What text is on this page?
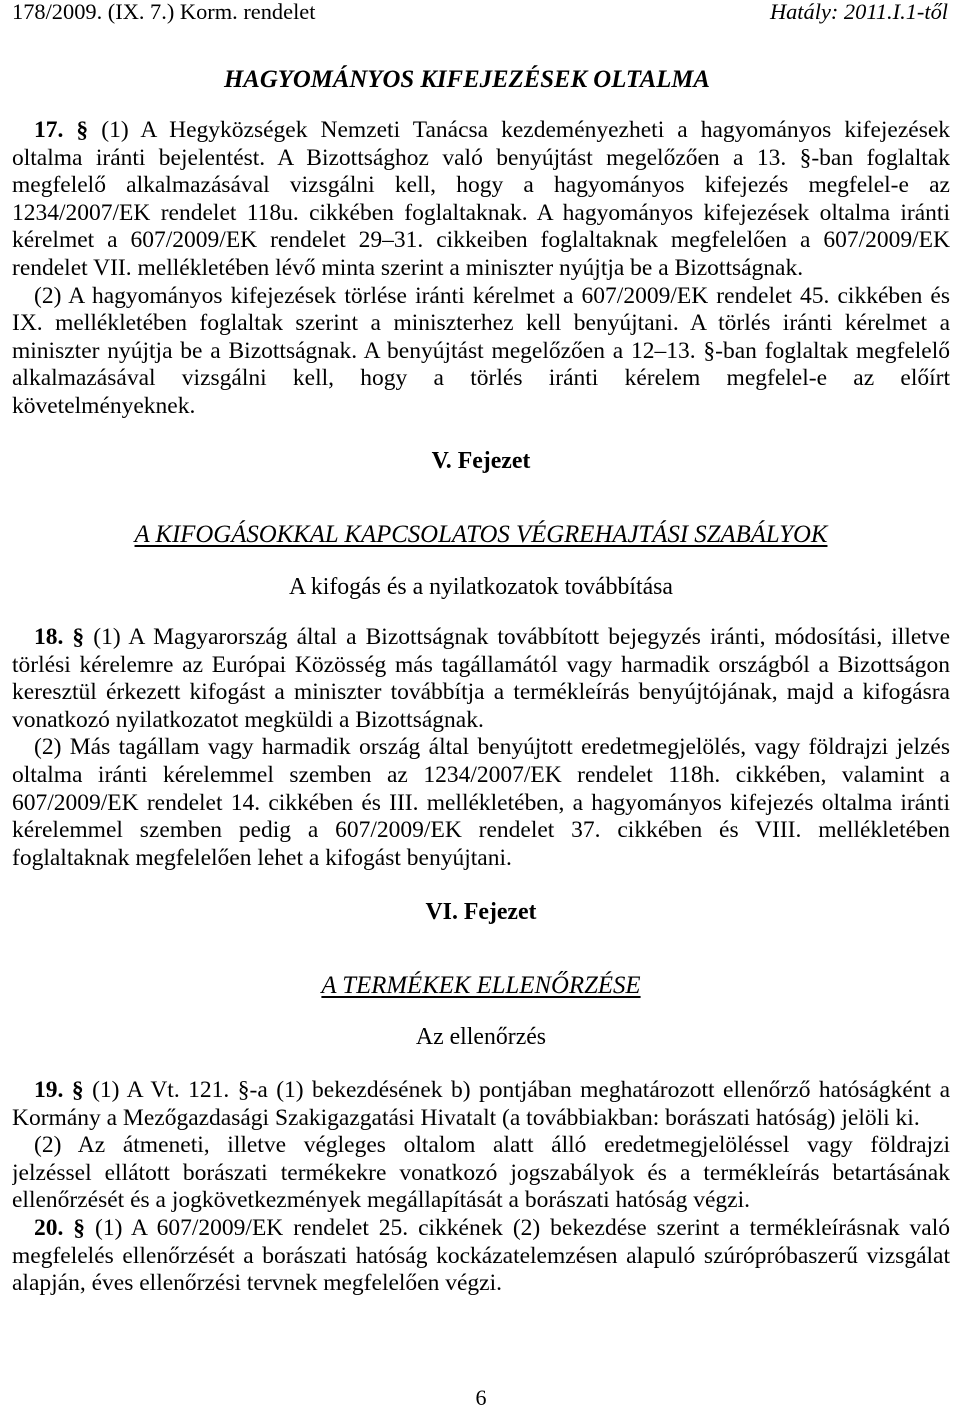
178/2009. (IX. 7.) Korm. rendelet	Hatály: 2011.I.1-től
HAGYOMÁNYOS KIFEJEZÉSEK OLTALMA
17. § (1) A Hegyközségek Nemzeti Tanácsa kezdeményezheti a hagyományos kifejezések
oltalma iránti bejelentést. A Bizottsághoz való benyújtást megelőzően a 13. §-ban foglaltak
megfelelő alkalmazásával vizsgálni kell, hogy a hagyományos kifejezés megfelel-e az
1234/2007/EK rendelet 118u. cikkében foglaltaknak. A hagyományos kifejezések oltalma iránti
kérelmet a 607/2009/EK rendelet 29–31. cikkeiben foglaltaknak megfelelően a 607/2009/EK
rendelet VII. mellékletében lévő minta szerint a miniszter nyújtja be a Bizottságnak.
(2) A hagyományos kifejezések törlése iránti kérelmet a 607/2009/EK rendelet 45. cikkében és
IX. mellékletében foglaltak szerint a miniszterhez kell benyújtani. A törlés iránti kérelmet a
miniszter nyújtja be a Bizottságnak. A benyújtást megelőzően a 12–13. §-ban foglaltak megfelelő
alkalmazásával vizsgálni kell, hogy a törlés iránti kérelem megfelel-e az előírt
követelményeknek.
V. Fejezet
A KIFOGÁSOKKAL KAPCSOLATOS VÉGREHAJTÁSI SZABÁLYOK
A kifogás és a nyilatkozatok továbbítása
18. § (1) A Magyarország által a Bizottságnak továbbított bejegyzés iránti, módosítási, illetve
törlési kérelemre az Európai Közösség más tagállamától vagy harmadik országból a Bizottságon
keresztül érkezett kifogást a miniszter továbbítja a termékleírás benyújtójának, majd a kifogásra
vonatkozó nyilatkozatot megküldi a Bizottságnak.
(2) Más tagállam vagy harmadik ország által benyújtott eredetmegjelölés, vagy földrajzi jelzés
oltalma iránti kérelemmel szemben az 1234/2007/EK rendelet 118h. cikkében, valamint a
607/2009/EK rendelet 14. cikkében és III. mellékletében, a hagyományos kifejezés oltalma iránti
kérelemmel szemben pedig a 607/2009/EK rendelet 37. cikkében és VIII. mellékletében
foglaltaknak megfelelően lehet a kifogást benyújtani.
VI. Fejezet
A TERMÉKEK ELLENŐRZÉSE
Az ellenőrzés
19. § (1) A Vt. 121. §-a (1) bekezdésének b) pontjában meghatározott ellenőrző hatóságként a
Kormány a Mezőgazdasági Szakigazgatási Hivatalt (a továbbiakban: borászati hatóság) jelöli ki.
(2) Az átmeneti, illetve végleges oltalom alatt álló eredetmegjelöléssel vagy földrajzi
jelzéssel ellátott borászati termékekre vonatkozó jogszabályok és a termékleírás betartásának
ellenőrzését és a jogkövetkezmények megállapítását a borászati hatóság végzi.
20. § (1) A 607/2009/EK rendelet 25. cikkének (2) bekezdése szerint a termékleírásnak való
megfelelés ellenőrzését a borászati hatóság kockázatelemzésen alapuló szúrópróbaszerű vizsgálat
alapján, éves ellenőrzési tervnek megfelelően végzi.
6
